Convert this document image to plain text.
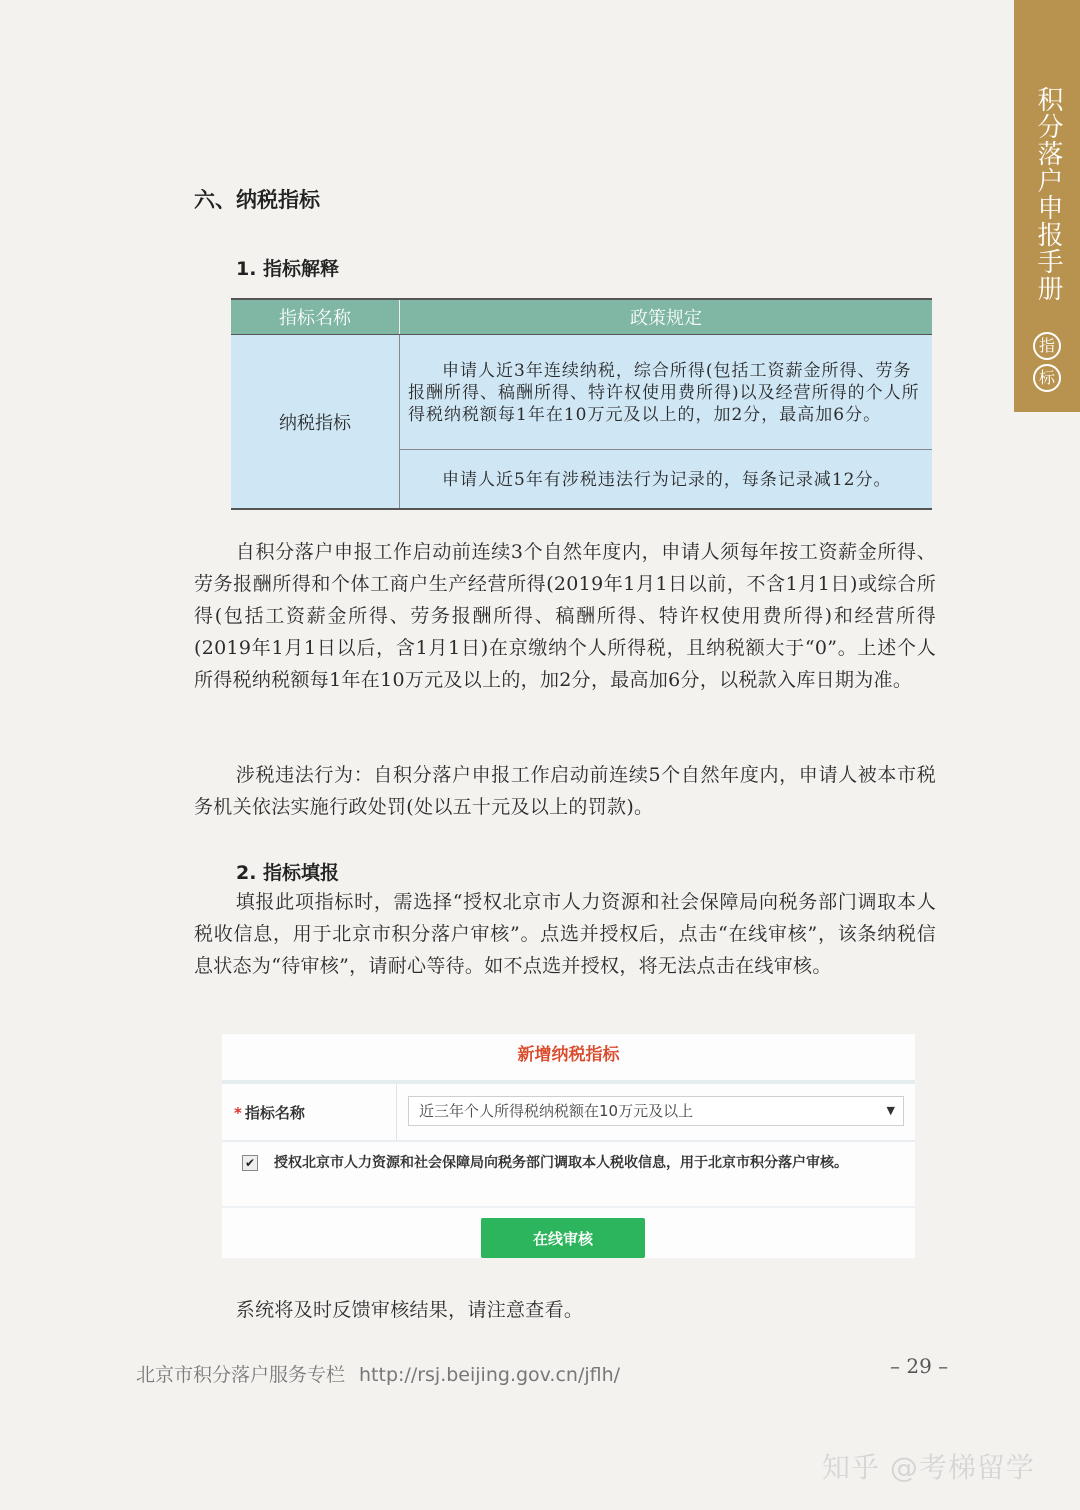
积分落户申报手册
指
标
六、纳税指标
1. 指标解释
指标名称	政策规定
纳税指标	申请人近3年连续纳税，综合所得(包括工资薪金所得、劳务报酬所得、稿酬所得、特许权使用费所得)以及经营所得的个人所得税纳税额每1年在10万元及以上的，加2分，最高加6分。
	申请人近5年有涉税违法行为记录的，每条记录减12分。

自积分落户申报工作启动前连续3个自然年度内，申请人须每年按工资薪金所得、劳务报酬所得和个体工商户生产经营所得(2019年1月1日以前，不含1月1日)或综合所得(包括工资薪金所得、劳务报酬所得、稿酬所得、特许权使用费所得)和经营所得(2019年1月1日以后，含1月1日)在京缴纳个人所得税，且纳税额大于“0”。上述个人所得税纳税额每1年在10万元及以上的，加2分，最高加6分，以税款入库日期为准。

涉税违法行为：自积分落户申报工作启动前连续5个自然年度内，申请人被本市税务机关依法实施行政处罚(处以五十元及以上的罚款)。

2. 指标填报

填报此项指标时，需选择“授权北京市人力资源和社会保障局向税务部门调取本人税收信息，用于北京市积分落户审核”。点选并授权后，点击“在线审核”，该条纳税信息状态为“待审核”，请耐心等待。如不点选并授权，将无法点击在线审核。

新增纳税指标
* 指标名称	近三年个人所得税纳税额在10万元及以上	▼
授权北京市人力资源和社会保障局向税务部门调取本人税收信息，用于北京市积分落户审核。
✔
在线审核

系统将及时反馈审核结果，请注意查看。

北京市积分落户服务专栏 http://rsj.beijing.gov.cn/jflh/	– 29 –
知乎 @考梯留学
